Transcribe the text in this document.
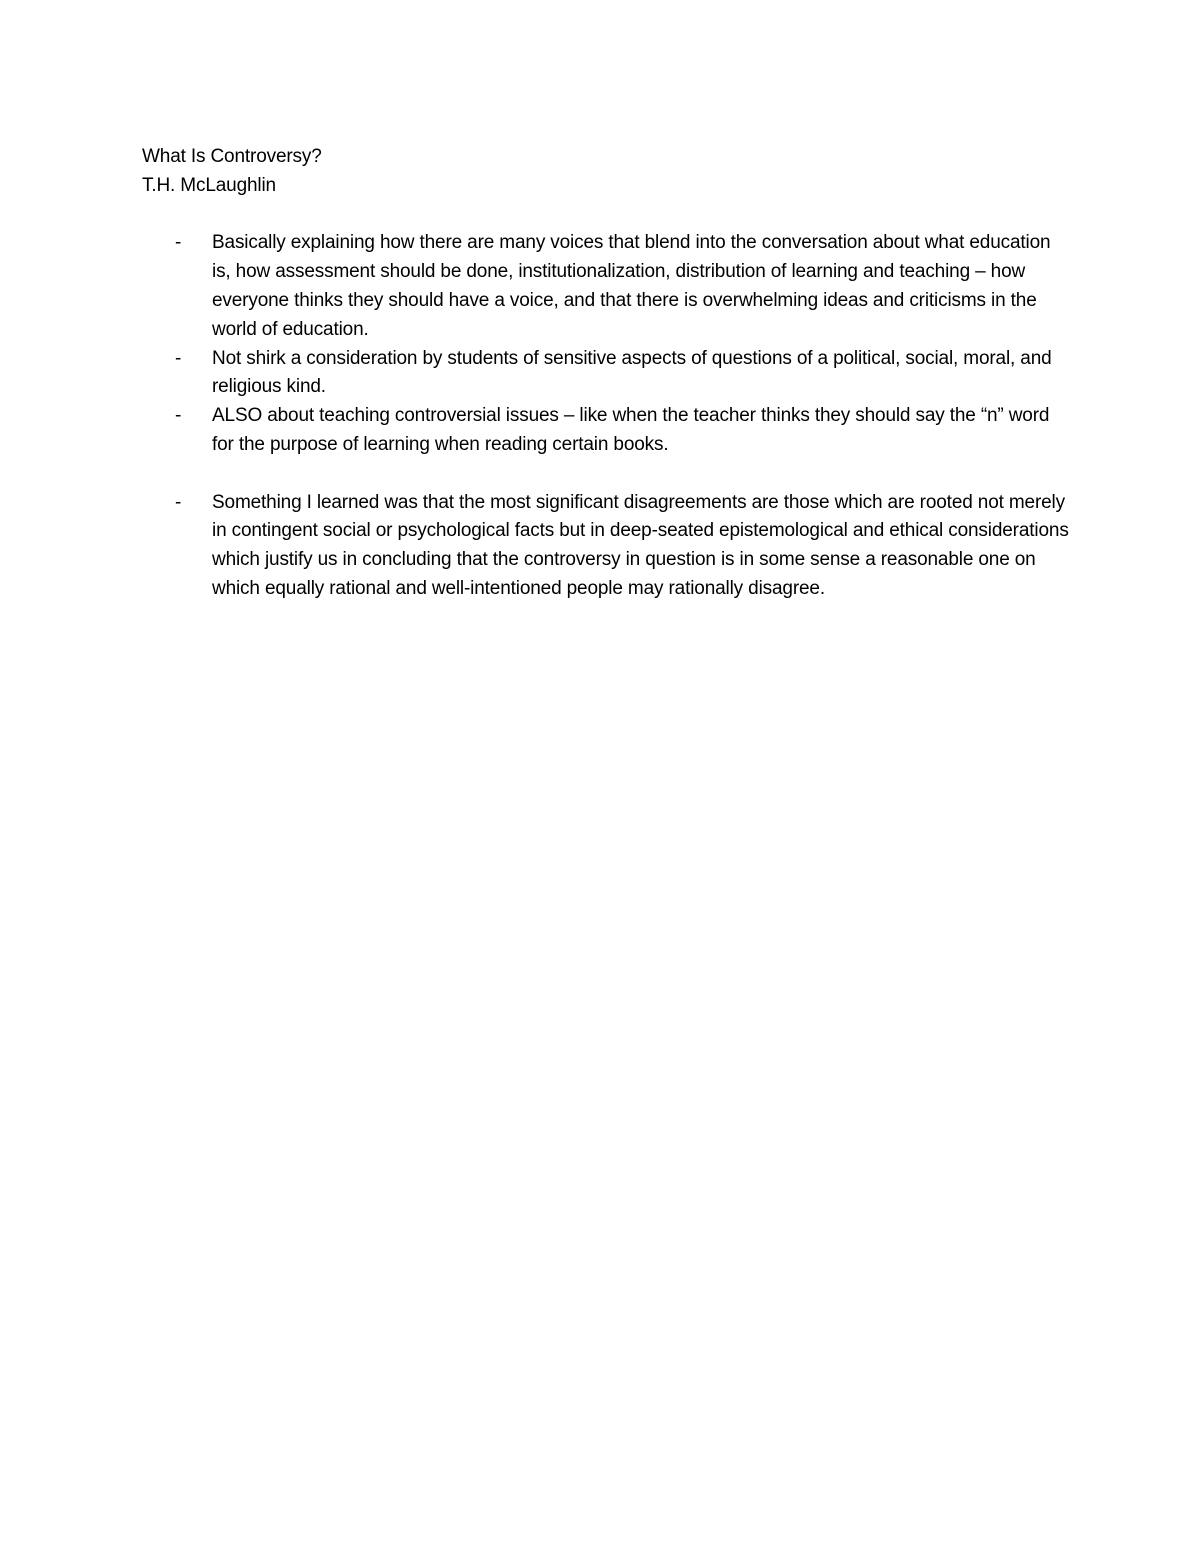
What Is Controversy?
T.H. McLaughlin
- Basically explaining how there are many voices that blend into the conversation about what education is, how assessment should be done, institutionalization, distribution of learning and teaching – how everyone thinks they should have a voice, and that there is overwhelming ideas and criticisms in the world of education.
- Not shirk a consideration by students of sensitive aspects of questions of a political, social, moral, and religious kind.
- ALSO about teaching controversial issues – like when the teacher thinks they should say the “n” word for the purpose of learning when reading certain books.
- Something I learned was that the most significant disagreements are those which are rooted not merely in contingent social or psychological facts but in deep-seated epistemological and ethical considerations which justify us in concluding that the controversy in question is in some sense a reasonable one on which equally rational and well-intentioned people may rationally disagree.
